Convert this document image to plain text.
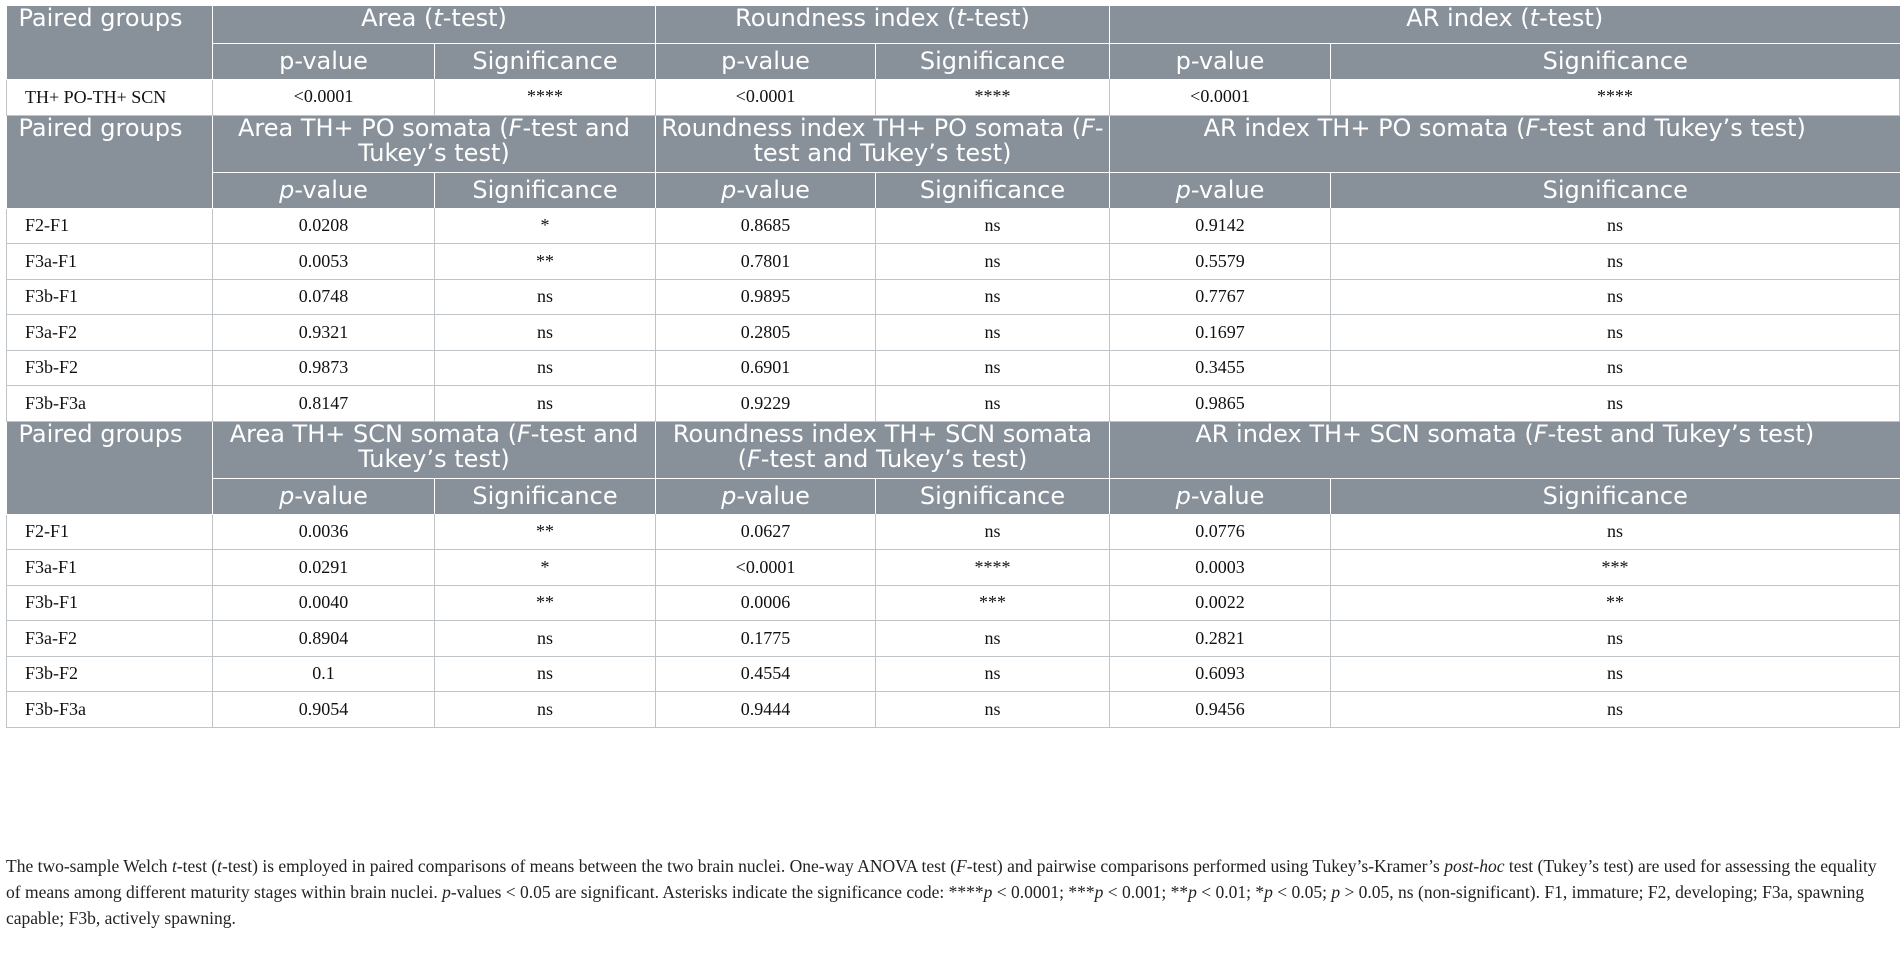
Paired groups	Area (t-test)		Roundness index (t-test)		AR index (t-test)	
	p-value	Significance	p-value	Significance	p-value	Significance
TH+ PO-TH+ SCN	<0.0001	****	<0.0001	****	<0.0001	****
Paired groups	Area TH+ PO somata (F-test and Tukey’s test)		Roundness index TH+ PO somata (F-test and Tukey’s test)		AR index TH+ PO somata (F-test and Tukey’s test)	
	p-value	Significance	p-value	Significance	p-value	Significance
F2-F1	0.0208	*	0.8685	ns	0.9142	ns
F3a-F1	0.0053	**	0.7801	ns	0.5579	ns
F3b-F1	0.0748	ns	0.9895	ns	0.7767	ns
F3a-F2	0.9321	ns	0.2805	ns	0.1697	ns
F3b-F2	0.9873	ns	0.6901	ns	0.3455	ns
F3b-F3a	0.8147	ns	0.9229	ns	0.9865	ns
Paired groups	Area TH+ SCN somata (F-test and Tukey’s test)		Roundness index TH+ SCN somata (F-test and Tukey’s test)		AR index TH+ SCN somata (F-test and Tukey’s test)	
	p-value	Significance	p-value	Significance	p-value	Significance
F2-F1	0.0036	**	0.0627	ns	0.0776	ns
F3a-F1	0.0291	*	<0.0001	****	0.0003	***
F3b-F1	0.0040	**	0.0006	***	0.0022	**
F3a-F2	0.8904	ns	0.1775	ns	0.2821	ns
F3b-F2	0.1	ns	0.4554	ns	0.6093	ns
F3b-F3a	0.9054	ns	0.9444	ns	0.9456	ns
The two-sample Welch t-test (t-test) is employed in paired comparisons of means between the two brain nuclei. One-way ANOVA test (F-test) and pairwise comparisons performed using Tukey’s-Kramer’s post-hoc test (Tukey’s test) are used for assessing the equality of means among different maturity stages within brain nuclei. p-values < 0.05 are significant. Asterisks indicate the significance code: ****p < 0.0001; ***p < 0.001; **p < 0.01; *p < 0.05; p > 0.05, ns (non-significant). F1, immature; F2, developing; F3a, spawning capable; F3b, actively spawning.
